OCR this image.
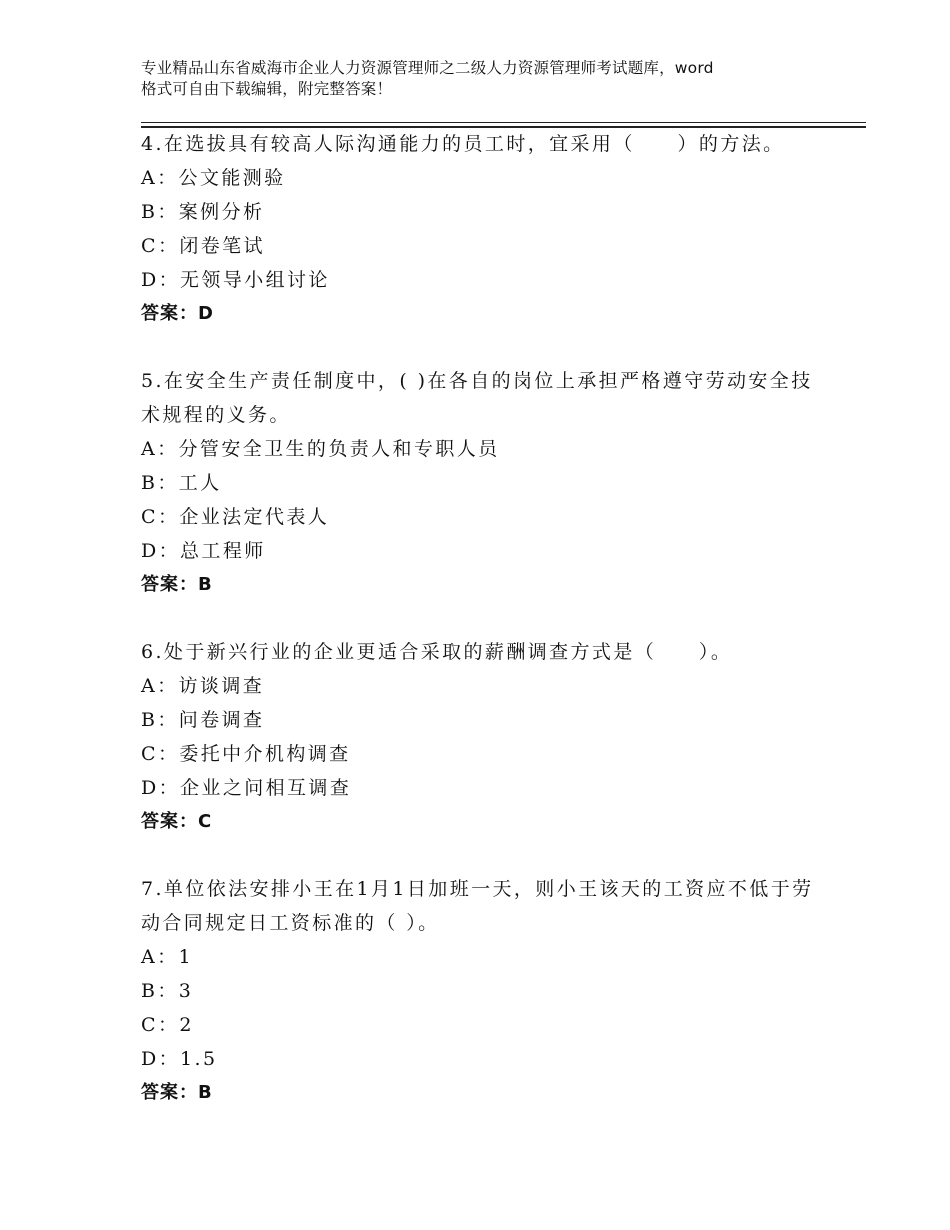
专业精品山东省威海市企业人力资源管理师之二级人力资源管理师考试题库，word
格式可自由下载编辑，附完整答案！
4.在选拔具有较高人际沟通能力的员工时，宜采用（　　）的方法。
A：公文能测验
B：案例分析
C：闭卷笔试
D：无领导小组讨论
答案：D
5.在安全生产责任制度中，( )在各自的岗位上承担严格遵守劳动安全技术规程的义务。
A：分管安全卫生的负责人和专职人员
B：工人
C：企业法定代表人
D：总工程师
答案：B
6.处于新兴行业的企业更适合采取的薪酬调查方式是（　　）。
A：访谈调查
B：问卷调查
C：委托中介机构调查
D：企业之问相互调查
答案：C
7.单位依法安排小王在1月1日加班一天，则小王该天的工资应不低于劳动合同规定日工资标准的（ ）。
A：1
B：3
C：2
D：1.5
答案：B
